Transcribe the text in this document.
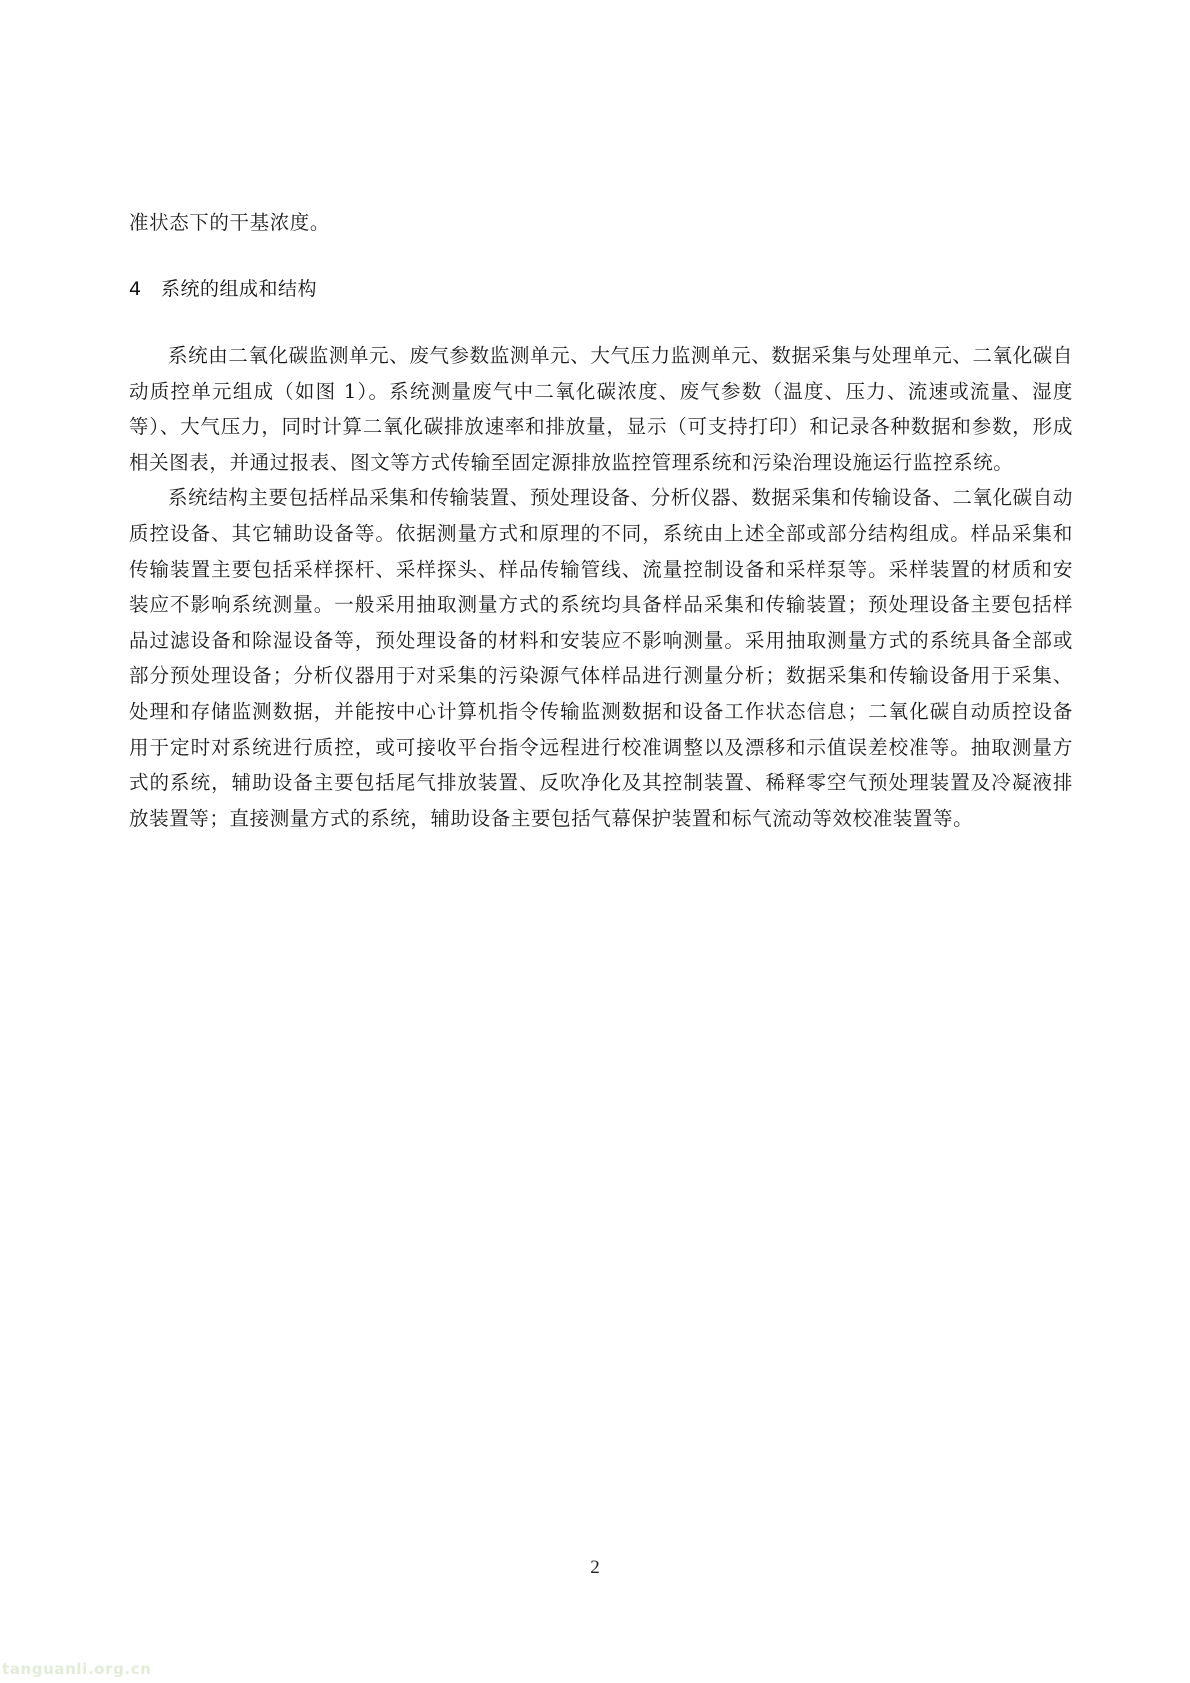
准状态下的干基浓度。

4 系统的组成和结构

系统由二氧化碳监测单元、废气参数监测单元、大气压力监测单元、数据采集与处理单元、二氧化碳自动质控单元组成（如图 1）。系统测量废气中二氧化碳浓度、废气参数（温度、压力、流速或流量、湿度等）、大气压力，同时计算二氧化碳排放速率和排放量，显示（可支持打印）和记录各种数据和参数，形成相关图表，并通过报表、图文等方式传输至固定源排放监控管理系统和污染治理设施运行监控系统。

系统结构主要包括样品采集和传输装置、预处理设备、分析仪器、数据采集和传输设备、二氧化碳自动质控设备、其它辅助设备等。依据测量方式和原理的不同，系统由上述全部或部分结构组成。样品采集和传输装置主要包括采样探杆、采样探头、样品传输管线、流量控制设备和采样泵等。采样装置的材质和安装应不影响系统测量。一般采用抽取测量方式的系统均具备样品采集和传输装置；预处理设备主要包括样品过滤设备和除湿设备等，预处理设备的材料和安装应不影响测量。采用抽取测量方式的系统具备全部或部分预处理设备；分析仪器用于对采集的污染源气体样品进行测量分析；数据采集和传输设备用于采集、处理和存储监测数据，并能按中心计算机指令传输监测数据和设备工作状态信息；二氧化碳自动质控设备用于定时对系统进行质控，或可接收平台指令远程进行校准调整以及漂移和示值误差校准等。抽取测量方式的系统，辅助设备主要包括尾气排放装置、反吹净化及其控制装置、稀释零空气预处理装置及冷凝液排放装置等；直接测量方式的系统，辅助设备主要包括气幕保护装置和标气流动等效校准装置等。

2
tanguanli.org.cn
